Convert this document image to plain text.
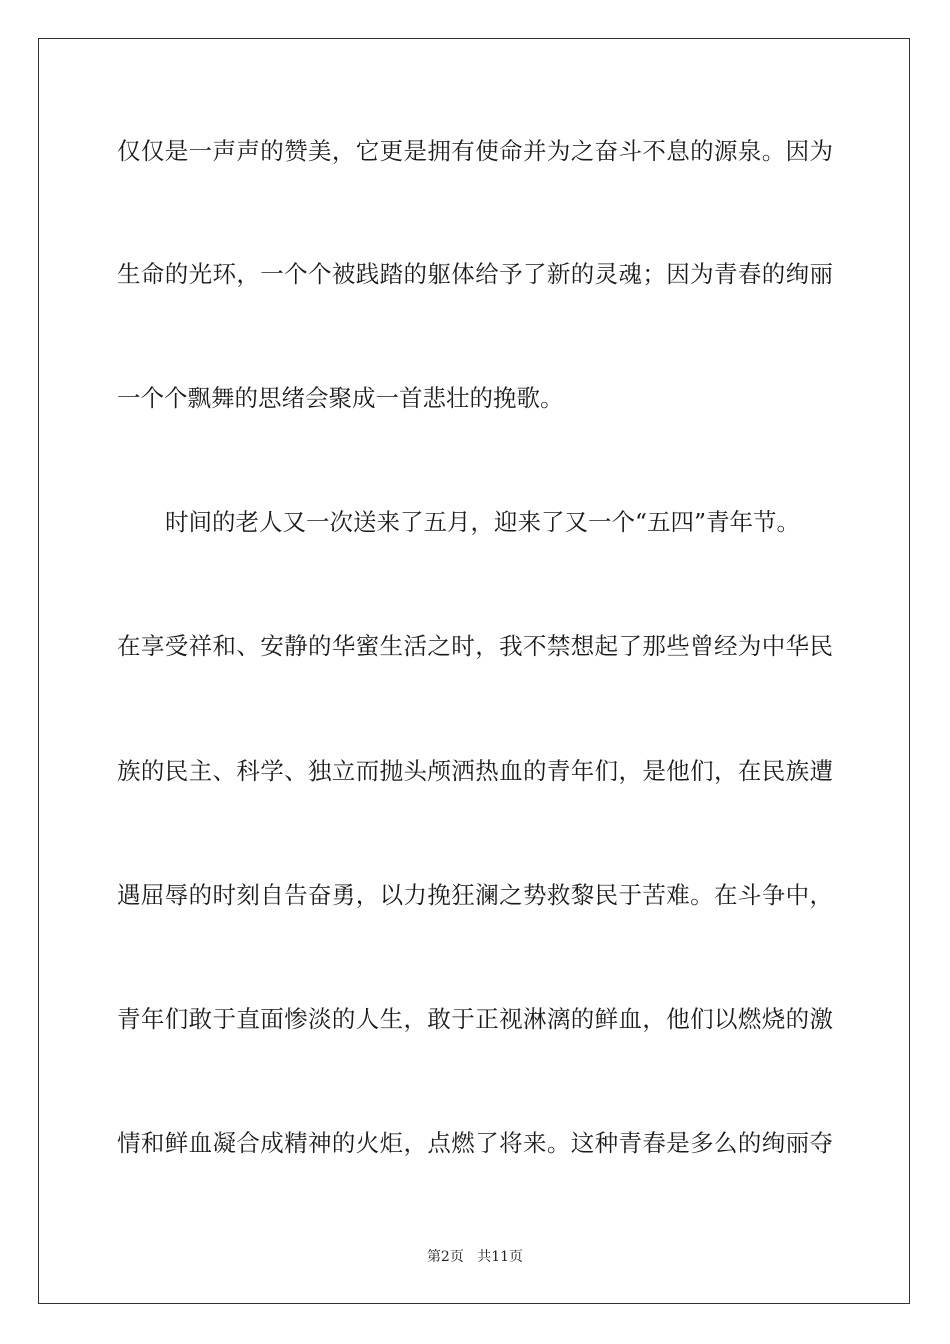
仅仅是一声声的赞美，它更是拥有使命并为之奋斗不息的源泉。因为
生命的光环，一个个被践踏的躯体给予了新的灵魂；因为青春的绚丽
一个个飘舞的思绪会聚成一首悲壮的挽歌。
时间的老人又一次送来了五月，迎来了又一个“五四”青年节。
在享受祥和、安静的华蜜生活之时，我不禁想起了那些曾经为中华民
族的民主、科学、独立而抛头颅洒热血的青年们，是他们，在民族遭
遇屈辱的时刻自告奋勇，以力挽狂澜之势救黎民于苦难。在斗争中，
青年们敢于直面惨淡的人生，敢于正视淋漓的鲜血，他们以燃烧的激
情和鲜血凝合成精神的火炬，点燃了将来。这种青春是多么的绚丽夺
第2页 共11页
